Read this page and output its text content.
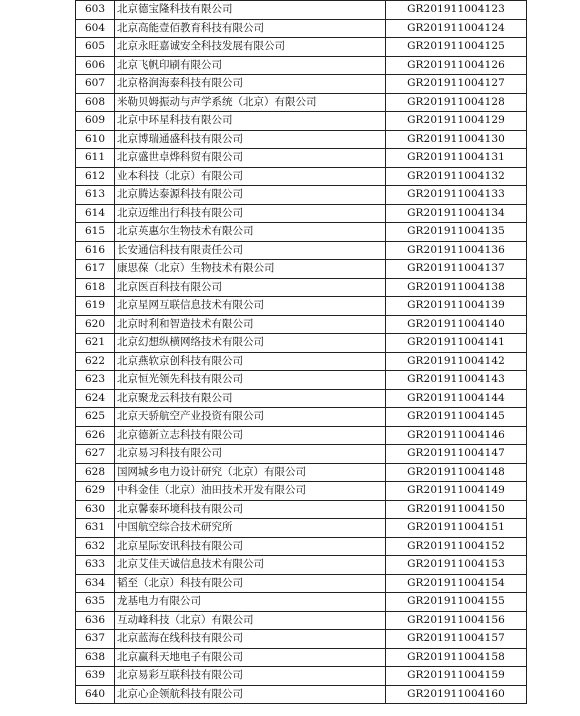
603	北京德宝隆科技有限公司	GR201911004123
604	北京高能壹佰教育科技有限公司	GR201911004124
605	北京永旺嘉诚安全科技发展有限公司	GR201911004125
606	北京飞帆印刷有限公司	GR201911004126
607	北京格润海泰科技有限公司	GR201911004127
608	米勒贝姆振动与声学系统（北京）有限公司	GR201911004128
609	北京中环星科技有限公司	GR201911004129
610	北京博瑞通盛科技有限公司	GR201911004130
611	北京盛世卓烨科贸有限公司	GR201911004131
612	业本科技（北京）有限公司	GR201911004132
613	北京腾达泰源科技有限公司	GR201911004133
614	北京迈维出行科技有限公司	GR201911004134
615	北京英惠尔生物技术有限公司	GR201911004135
616	长安通信科技有限责任公司	GR201911004136
617	康思葆（北京）生物技术有限公司	GR201911004137
618	北京医百科技有限公司	GR201911004138
619	北京星网互联信息技术有限公司	GR201911004139
620	北京时利和智造技术有限公司	GR201911004140
621	北京幻想纵横网络技术有限公司	GR201911004141
622	北京燕软京创科技有限公司	GR201911004142
623	北京恒光领先科技有限公司	GR201911004143
624	北京聚龙云科技有限公司	GR201911004144
625	北京天骄航空产业投资有限公司	GR201911004145
626	北京德新立志科技有限公司	GR201911004146
627	北京易习科技有限公司	GR201911004147
628	国网城乡电力设计研究（北京）有限公司	GR201911004148
629	中科金佳（北京）油田技术开发有限公司	GR201911004149
630	北京馨泰环境科技有限公司	GR201911004150
631	中国航空综合技术研究所	GR201911004151
632	北京星际安讯科技有限公司	GR201911004152
633	北京艾佳天诚信息技术有限公司	GR201911004153
634	韬至（北京）科技有限公司	GR201911004154
635	龙基电力有限公司	GR201911004155
636	互动峰科技（北京）有限公司	GR201911004156
637	北京蓝海在线科技有限公司	GR201911004157
638	北京赢科天地电子有限公司	GR201911004158
639	北京易彩互联科技有限公司	GR201911004159
640	北京心企领航科技有限公司	GR201911004160
